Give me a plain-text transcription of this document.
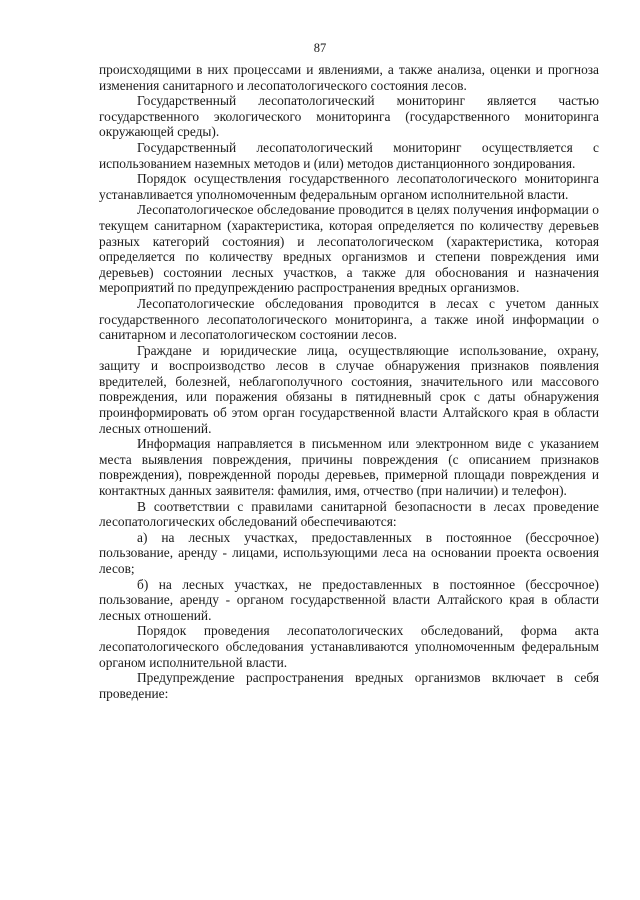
87

происходящими в них процессами и явлениями, а также анализа, оценки и прогноза изменения санитарного и лесопатологического состояния лесов.

Государственный лесопатологический мониторинг является частью государственного экологического мониторинга (государственного мониторинга окружающей среды).

Государственный лесопатологический мониторинг осуществляется с использованием наземных методов и (или) методов дистанционного зондирования.

Порядок осуществления государственного лесопатологического мониторинга устанавливается уполномоченным федеральным органом исполнительной власти.

Лесопатологическое обследование проводится в целях получения информации о текущем санитарном (характеристика, которая определяется по количеству деревьев разных категорий состояния) и лесопатологическом (характеристика, которая определяется по количеству вредных организмов и степени повреждения ими деревьев) состоянии лесных участков, а также для обоснования и назначения мероприятий по предупреждению распространения вредных организмов.

Лесопатологические обследования проводится в лесах с учетом данных государственного лесопатологического мониторинга, а также иной информации о санитарном и лесопатологическом состоянии лесов.

Граждане и юридические лица, осуществляющие использование, охрану, защиту и воспроизводство лесов в случае обнаружения признаков появления вредителей, болезней, неблагополучного состояния, значительного или массового повреждения, или поражения обязаны в пятидневный срок с даты обнаружения проинформировать об этом орган государственной власти Алтайского края в области лесных отношений.

Информация направляется в письменном или электронном виде с указанием места выявления повреждения, причины повреждения (с описанием признаков повреждения), поврежденной породы деревьев, примерной площади повреждения и контактных данных заявителя: фамилия, имя, отчество (при наличии) и телефон).

В соответствии с правилами санитарной безопасности в лесах проведение лесопатологических обследований обеспечиваются:

а) на лесных участках, предоставленных в постоянное (бессрочное) пользование, аренду - лицами, использующими леса на основании проекта освоения лесов;

б) на лесных участках, не предоставленных в постоянное (бессрочное) пользование, аренду - органом государственной власти Алтайского края в области лесных отношений.

Порядок проведения лесопатологических обследований, форма акта лесопатологического обследования устанавливаются уполномоченным федеральным органом исполнительной власти.

Предупреждение распространения вредных организмов включает в себя проведение:
